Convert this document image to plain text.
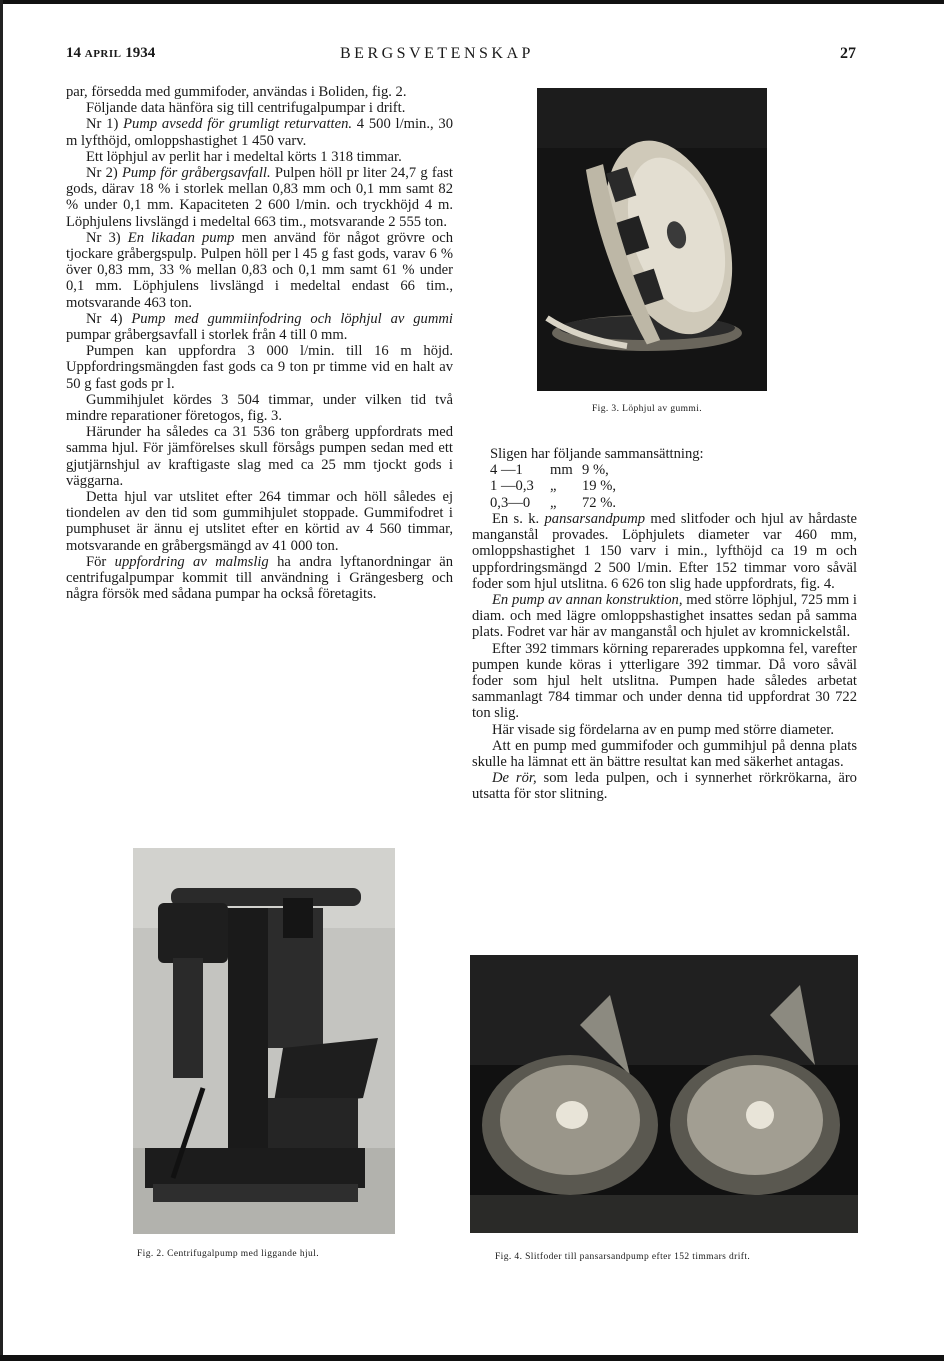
14 APRIL 1934	BERGSVETENSKAP	27

par, försedda med gummifoder, användas i Boliden, fig. 2.

Följande data hänföra sig till centrifugalpumpar i drift.

Nr 1) Pump avsedd för grumligt returvatten. 4 500 l/min., 30 m lyfthöjd, omloppshastighet 1 450 varv.

Ett löphjul av perlit har i medeltal körts 1 318 timmar.

Nr 2) Pump för gråbergsavfall. Pulpen höll pr liter 24,7 g fast gods, därav 18 % i storlek mellan 0,83 mm och 0,1 mm samt 82 % under 0,1 mm. Kapaciteten 2 600 l/min. och tryckhöjd 4 m. Löphjulens livslängd i medeltal 663 tim., motsvarande 2 555 ton.

Nr 3) En likadan pump men använd för något grövre och tjockare gråbergspulp. Pulpen höll per l 45 g fast gods, varav 6 % över 0,83 mm, 33 % mellan 0,83 och 0,1 mm samt 61 % under 0,1 mm. Löphjulens livslängd i medeltal endast 66 tim., motsvarande 463 ton.

Nr 4) Pump med gummiinfodring och löphjul av gummi pumpar gråbergsavfall i storlek från 4 till 0 mm.

Pumpen kan uppfordra 3 000 l/min. till 16 m höjd. Uppfordringsmängden fast gods ca 9 ton pr timme vid en halt av 50 g fast gods pr l.

Gummihjulet kördes 3 504 timmar, under vilken tid två mindre reparationer företogos, fig. 3.

Härunder ha således ca 31 536 ton gråberg uppfordrats med samma hjul. För jämförelses skull försågs pumpen sedan med ett gjutjärnshjul av kraftigaste slag med ca 25 mm tjockt gods i väggarna.

Detta hjul var utslitet efter 264 timmar och höll således ej tiondelen av den tid som gummihjulet stoppade. Gummifodret i pumphuset är ännu ej utslitet efter en körtid av 4 560 timmar, motsvarande en gråbergsmängd av 41 000 ton.

För uppfordring av malmslig ha andra lyftanordningar än centrifugalpumpar kommit till användning i Grängesberg och några försök med sådana pumpar ha också företagits.

Fig. 3. Löphjul av gummi.

Sligen har följande sammansättning:

4 —1	mm 9 %,
1 —0,3	„	19 %,
0,3—0	„	72 %.

En s. k. pansarsandpump med slitfoder och hjul av hårdaste manganstål provades. Löphjulets diameter var 460 mm, omloppshastighet 1 150 varv i min., lyfthöjd ca 19 m och uppfordringsmängd 2 500 l/min. Efter 152 timmar voro såväl foder som hjul utslitna. 6 626 ton slig hade uppfordrats, fig. 4.

En pump av annan konstruktion, med större löphjul, 725 mm i diam. och med lägre omloppshastighet insattes sedan på samma plats. Fodret var här av manganstål och hjulet av kromnickelstål.

Efter 392 timmars körning reparerades uppkomna fel, varefter pumpen kunde köras i ytterligare 392 timmar. Då voro såväl foder som hjul helt utslitna. Pumpen hade således arbetat sammanlagt 784 timmar och under denna tid uppfordrat 30 722 ton slig.

Här visade sig fördelarna av en pump med större diameter.

Att en pump med gummifoder och gummihjul på denna plats skulle ha lämnat ett än bättre resultat kan med säkerhet antagas.

De rör, som leda pulpen, och i synnerhet rörkrökarna, äro utsatta för stor slitning.

Fig. 2. Centrifugalpump med liggande hjul.	Fig. 4. Slitfoder till pansarsandpump efter 152 timmars drift.
